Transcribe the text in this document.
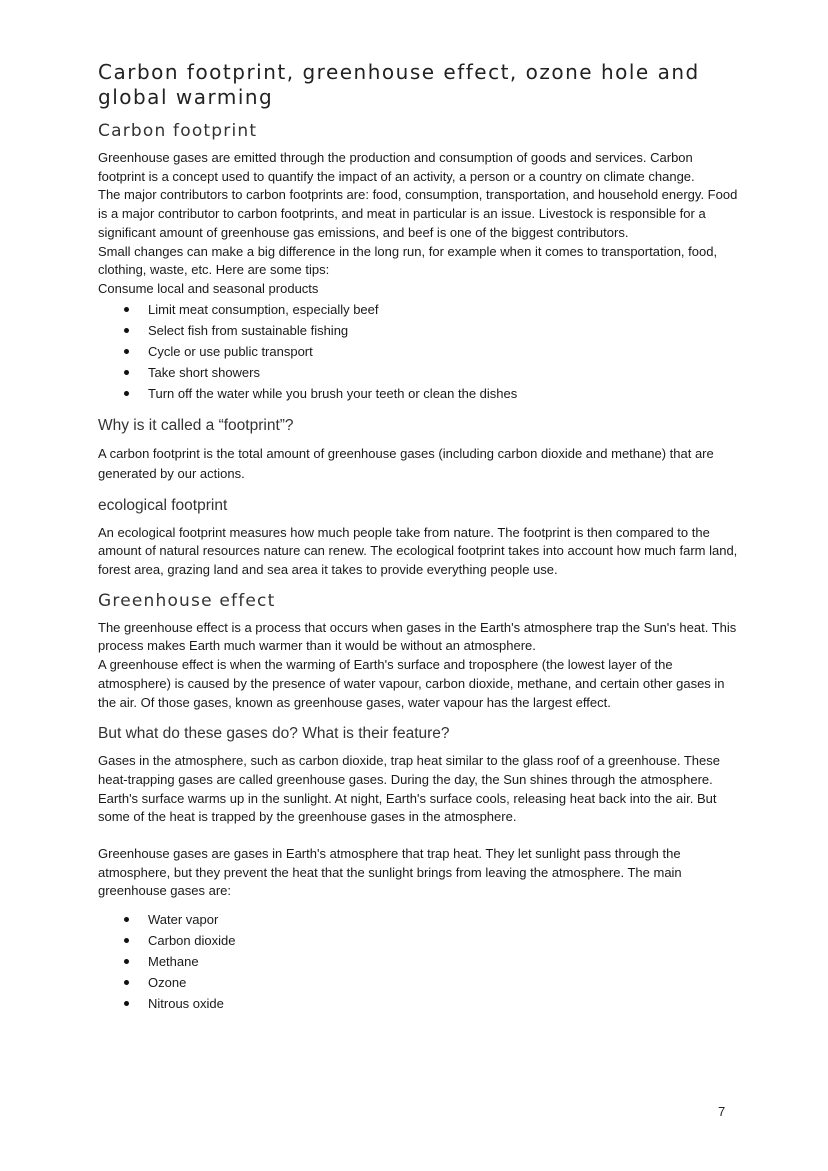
Carbon footprint, greenhouse effect, ozone hole and global warming
Carbon footprint

Greenhouse gases are emitted through the production and consumption of goods and services. Carbon footprint is a concept used to quantify the impact of an activity, a person or a country on climate change.

The major contributors to carbon footprints are: food, consumption, transportation, and household energy. Food is a major contributor to carbon footprints, and meat in particular is an issue. Livestock is responsible for a significant amount of greenhouse gas emissions, and beef is one of the biggest contributors.

Small changes can make a big difference in the long run, for example when it comes to transportation, food, clothing, waste, etc. Here are some tips:

Consume local and seasonal products

Limit meat consumption, especially beef
Select fish from sustainable fishing
Cycle or use public transport
Take short showers
Turn off the water while you brush your teeth or clean the dishes
Why is it called a “footprint”?

A carbon footprint is the total amount of greenhouse gases (including carbon dioxide and methane) that are generated by our actions.

ecological footprint

An ecological footprint measures how much people take from nature. The footprint is then compared to the amount of natural resources nature can renew. The ecological footprint takes into account how much farm land, forest area, grazing land and sea area it takes to provide everything people use.

Greenhouse effect

The greenhouse effect is a process that occurs when gases in the Earth's atmosphere trap the Sun's heat. This process makes Earth much warmer than it would be without an atmosphere.

A greenhouse effect is when the warming of Earth's surface and troposphere (the lowest layer of the atmosphere) is caused by the presence of water vapour, carbon dioxide, methane, and certain other gases in the air. Of those gases, known as greenhouse gases, water vapour has the largest effect.

But what do these gases do? What is their feature?

Gases in the atmosphere, such as carbon dioxide, trap heat similar to the glass roof of a greenhouse. These heat-trapping gases are called greenhouse gases. During the day, the Sun shines through the atmosphere. Earth's surface warms up in the sunlight. At night, Earth's surface cools, releasing heat back into the air. But some of the heat is trapped by the greenhouse gases in the atmosphere.

Greenhouse gases are gases in Earth's atmosphere that trap heat. They let sunlight pass through the atmosphere, but they prevent the heat that the sunlight brings from leaving the atmosphere. The main greenhouse gases are:

Water vapor
Carbon dioxide
Methane
Ozone
Nitrous oxide
7
